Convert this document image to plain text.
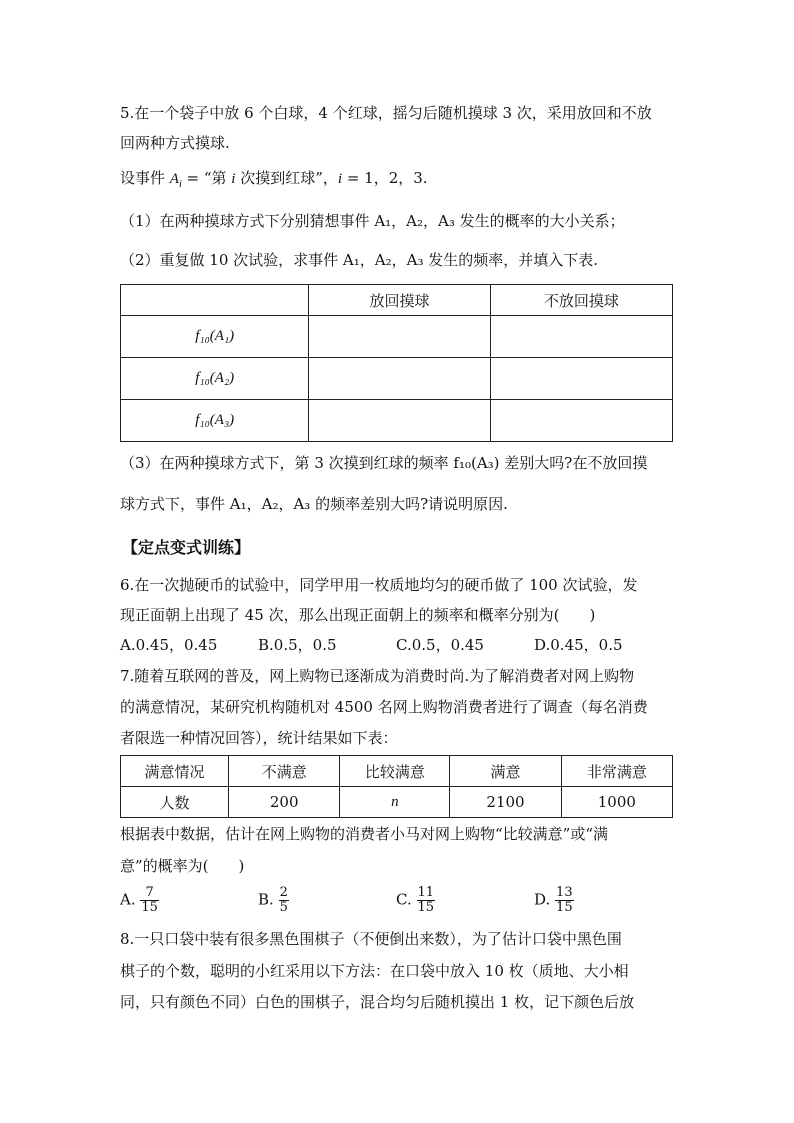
5.在一个袋子中放 6 个白球，4 个红球，摇匀后随机摸球 3 次，采用放回和不放
回两种方式摸球.
设事件 $A_i$ = “第 i 次摸到红球”，i = 1，2，3.
（1）在两种摸球方式下分别猜想事件 A₁，A₂，A₃ 发生的概率的大小关系；
（2）重复做 10 次试验，求事件 A₁，A₂，A₃ 发生的频率，并填入下表.
	放回摸球	不放回摸球
f₁₀(A₁)		
f₁₀(A₂)		
f₁₀(A₃)		
（3）在两种摸球方式下，第 3 次摸到红球的频率 f₁₀(A₃) 差别大吗?在不放回摸
球方式下，事件 A₁，A₂，A₃ 的频率差别大吗?请说明原因.
【定点变式训练】
6.在一次抛硬币的试验中，同学甲用一枚质地均匀的硬币做了 100 次试验，发
现正面朝上出现了 45 次，那么出现正面朝上的频率和概率分别为(　　)
A.0.45，0.45	B.0.5，0.5	C.0.5，0.45	D.0.45，0.5
7.随着互联网的普及，网上购物已逐渐成为消费时尚.为了解消费者对网上购物
的满意情况，某研究机构随机对 4500 名网上购物消费者进行了调查（每名消费
者限选一种情况回答），统计结果如下表：
满意情况	不满意	比较满意	满意	非常满意
人数	200	n	2100	1000
根据表中数据，估计在网上购物的消费者小马对网上购物“比较满意”或“满
意”的概率为(　　)
A. $\frac{7}{15}$	B. $\frac{2}{5}$	C. $\frac{11}{15}$	D. $\frac{13}{15}$
8.一只口袋中装有很多黑色围棋子（不便倒出来数），为了估计口袋中黑色围
棋子的个数，聪明的小红采用以下方法：在口袋中放入 10 枚（质地、大小相
同，只有颜色不同）白色的围棋子，混合均匀后随机摸出 1 枚，记下颜色后放
